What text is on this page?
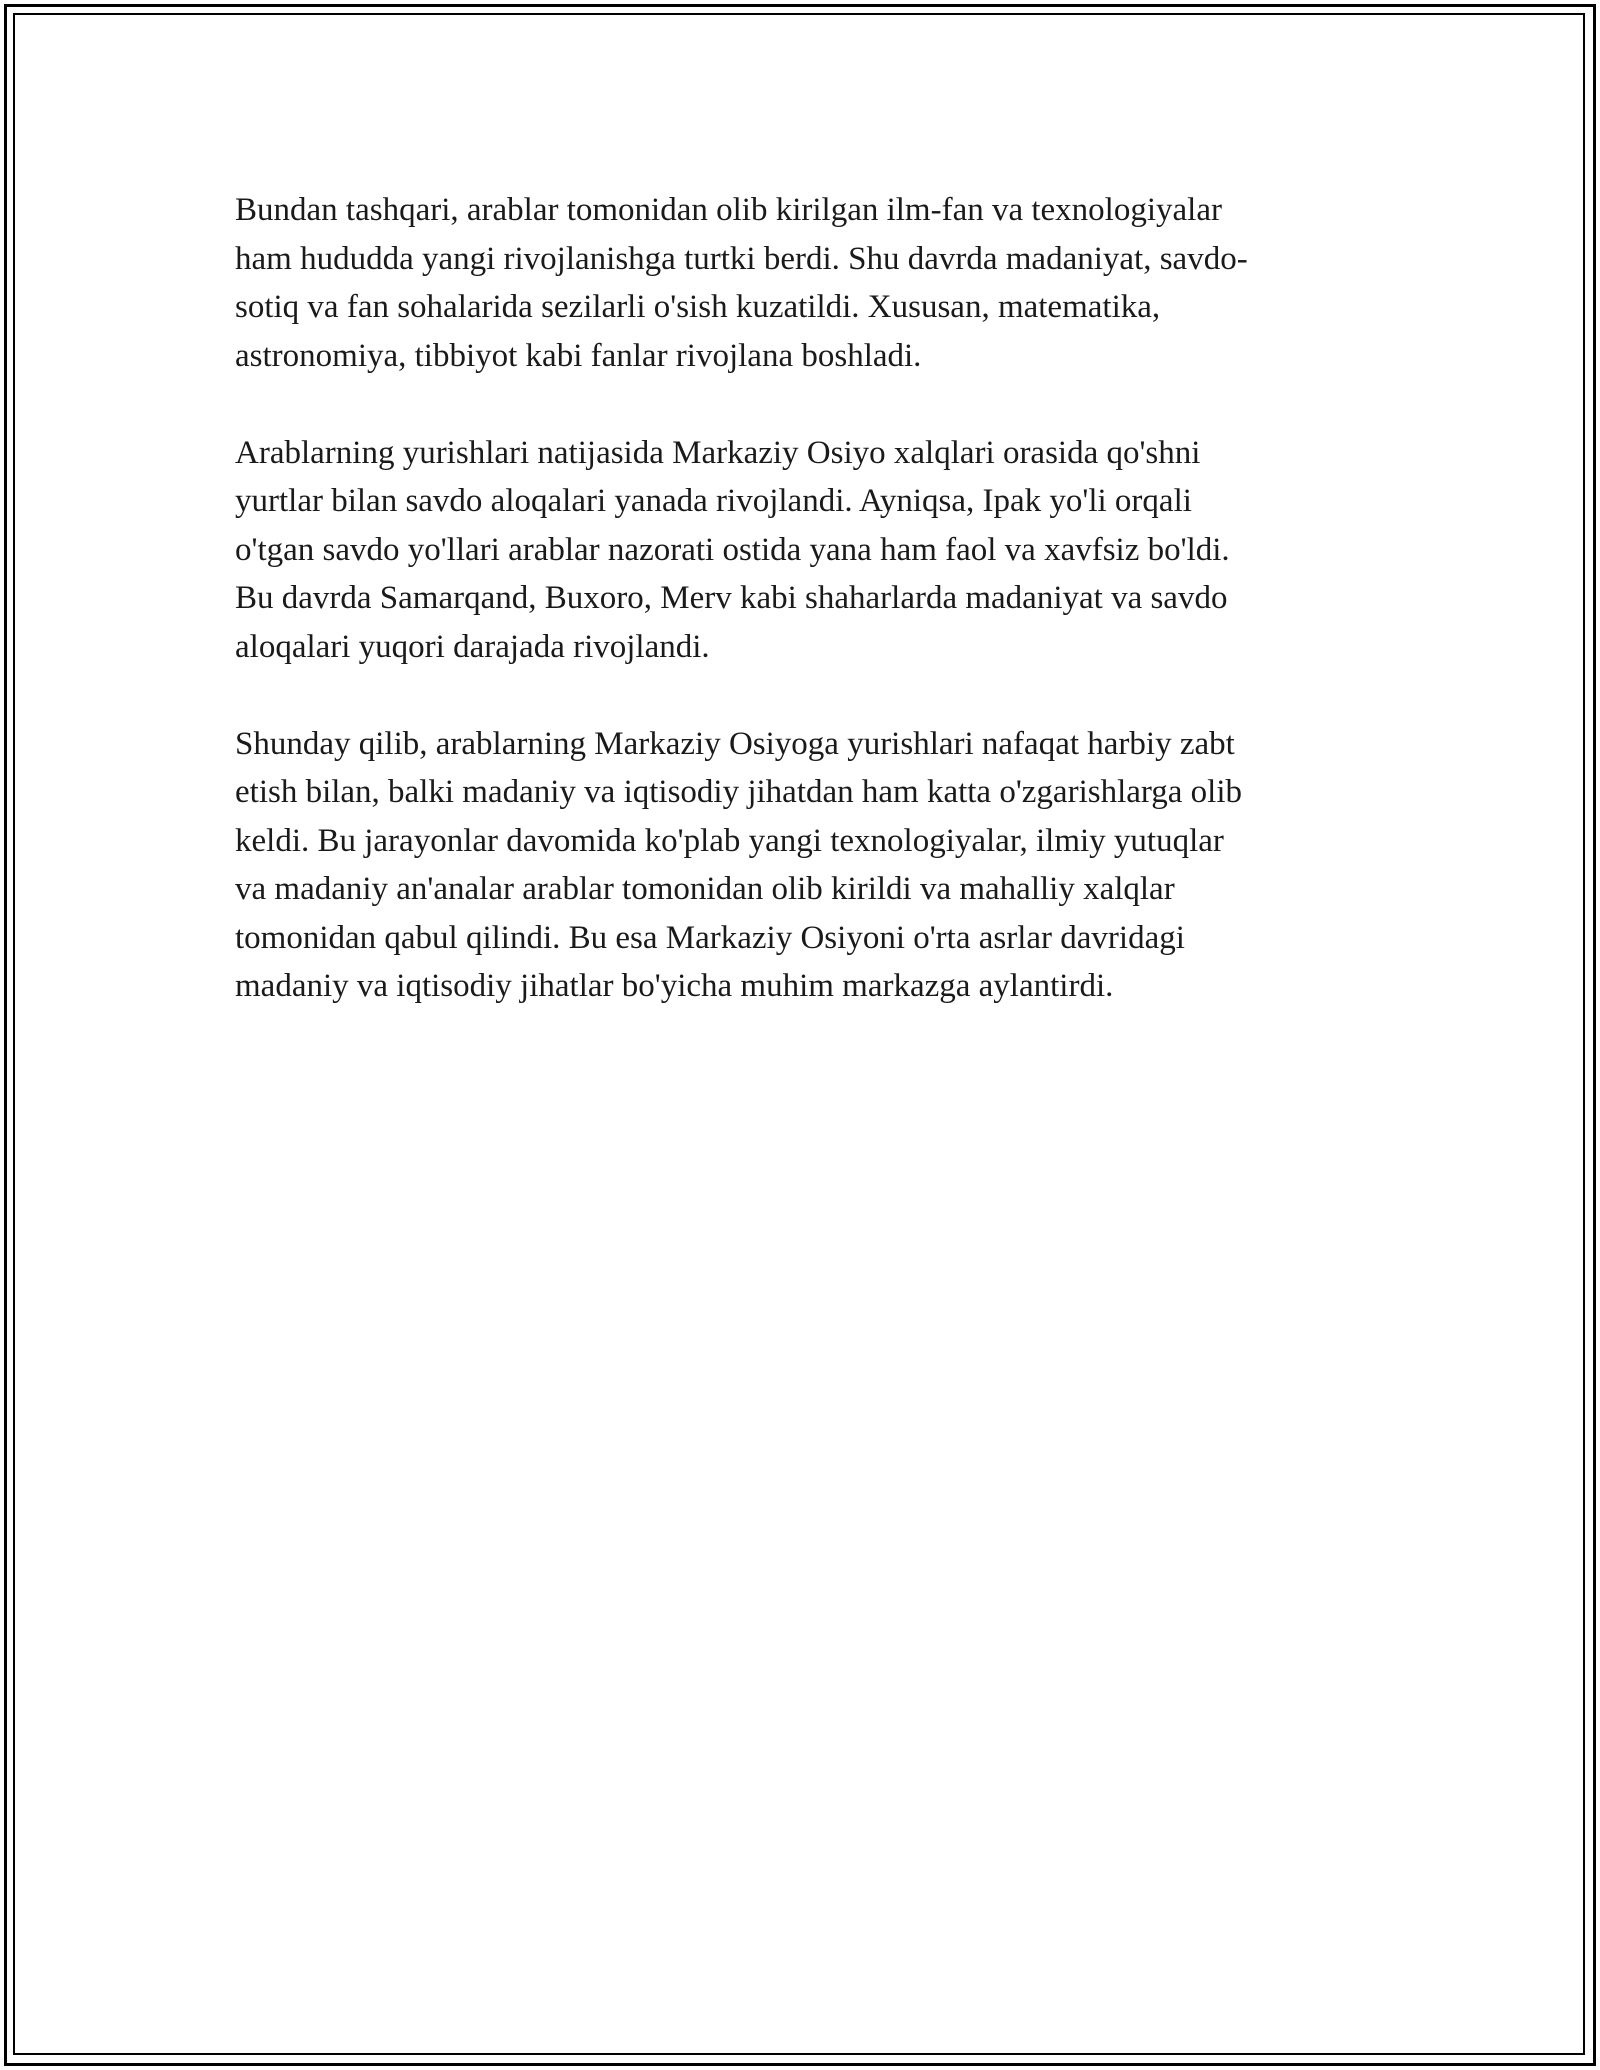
Bundan tashqari, arablar tomonidan olib kirilgan ilm-fan va texnologiyalar
ham hududda yangi rivojlanishga turtki berdi. Shu davrda madaniyat, savdo-
sotiq va fan sohalarida sezilarli o'sish kuzatildi. Xususan, matematika,
astronomiya, tibbiyot kabi fanlar rivojlana boshladi.

Arablarning yurishlari natijasida Markaziy Osiyo xalqlari orasida qo'shni
yurtlar bilan savdo aloqalari yanada rivojlandi. Ayniqsa, Ipak yo'li orqali
o'tgan savdo yo'llari arablar nazorati ostida yana ham faol va xavfsiz bo'ldi.
Bu davrda Samarqand, Buxoro, Merv kabi shaharlarda madaniyat va savdo
aloqalari yuqori darajada rivojlandi.

Shunday qilib, arablarning Markaziy Osiyoga yurishlari nafaqat harbiy zabt
etish bilan, balki madaniy va iqtisodiy jihatdan ham katta o'zgarishlarga olib
keldi. Bu jarayonlar davomida ko'plab yangi texnologiyalar, ilmiy yutuqlar
va madaniy an'analar arablar tomonidan olib kirildi va mahalliy xalqlar
tomonidan qabul qilindi. Bu esa Markaziy Osiyoni o'rta asrlar davridagi
madaniy va iqtisodiy jihatlar bo'yicha muhim markazga aylantirdi.
